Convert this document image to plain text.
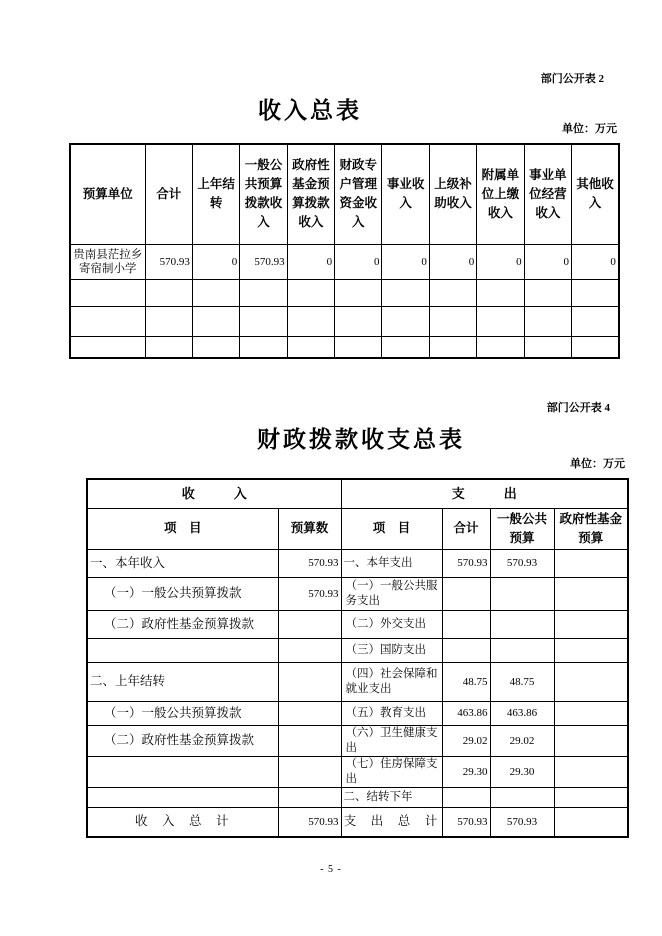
部门公开表 2
收入总表
单位：万元
预算单位	合计	上年结转	一般公共预算拨款收入	政府性基金预算拨款收入	财政专户管理资金收入	事业收入	上级补助收入	附属单位上缴收入	事业单位经营收入	其他收入
贵南县茫拉乡寄宿制小学	570.93	0	570.93	0	0	0	0	0	0	0

部门公开表 4
财政拨款收支总表
单位：万元
收　　　入		支　　　出			
项　目	预算数	项　目	合计	一般公共预算	政府性基金预算
一、本年收入	570.93	一、本年支出	570.93	570.93	
（一）一般公共预算拨款	570.93	（一）一般公共服务支出			
（二）政府性基金预算拨款		（二）外交支出			
		（三）国防支出			
二、上年结转		（四）社会保障和就业支出	48.75	48.75	
（一）一般公共预算拨款		（五）教育支出	463.86	463.86	
（二）政府性基金预算拨款		（六）卫生健康支出	29.02	29.02	
		（七）住房保障支出	29.30	29.30	
		二、结转下年			
收　入　总　计	570.93	支　出　总　计	570.93	570.93	
- 5 -
